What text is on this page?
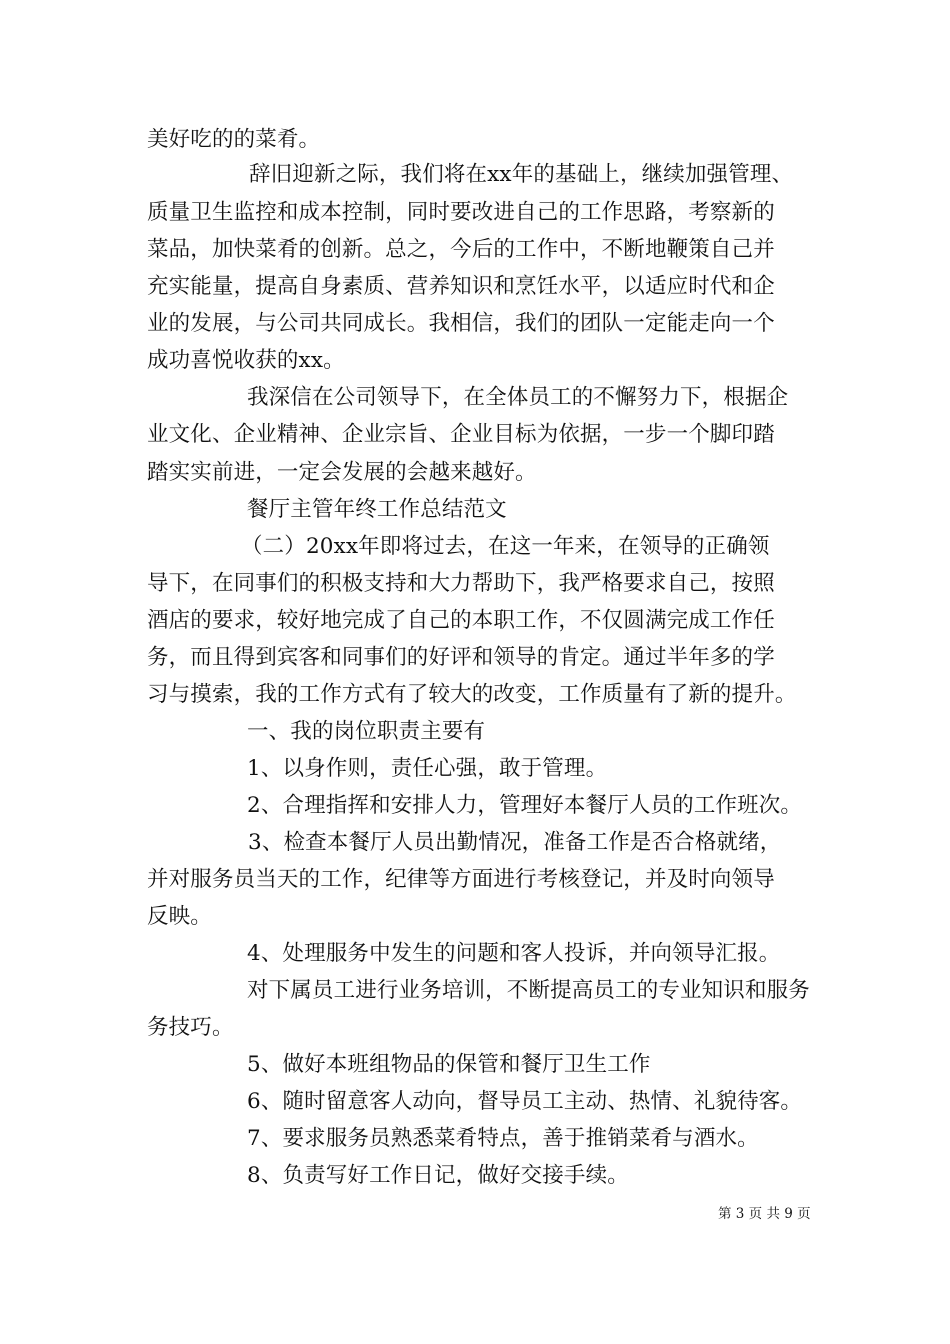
美好吃的的菜肴。
辞旧迎新之际，我们将在xx年的基础上，继续加强管理、
质量卫生监控和成本控制，同时要改进自己的工作思路，考察新的
菜品，加快菜肴的创新。总之，今后的工作中，不断地鞭策自己并
充实能量，提高自身素质、营养知识和烹饪水平，以适应时代和企
业的发展，与公司共同成长。我相信，我们的团队一定能走向一个
成功喜悦收获的xx。
我深信在公司领导下，在全体员工的不懈努力下，根据企
业文化、企业精神、企业宗旨、企业目标为依据，一步一个脚印踏
踏实实前进，一定会发展的会越来越好。
餐厅主管年终工作总结范文
（二）20xx年即将过去，在这一年来，在领导的正确领
导下，在同事们的积极支持和大力帮助下，我严格要求自己，按照
酒店的要求，较好地完成了自己的本职工作，不仅圆满完成工作任
务，而且得到宾客和同事们的好评和领导的肯定。通过半年多的学
习与摸索，我的工作方式有了较大的改变，工作质量有了新的提升。
一、我的岗位职责主要有
1、以身作则，责任心强，敢于管理。
2、合理指挥和安排人力，管理好本餐厅人员的工作班次。
3、检查本餐厅人员出勤情况，准备工作是否合格就绪，
并对服务员当天的工作，纪律等方面进行考核登记，并及时向领导
反映。
4、处理服务中发生的问题和客人投诉，并向领导汇报。
对下属员工进行业务培训，不断提高员工的专业知识和服务
务技巧。
5、做好本班组物品的保管和餐厅卫生工作
6、随时留意客人动向，督导员工主动、热情、礼貌待客。
7、要求服务员熟悉菜肴特点，善于推销菜肴与酒水。
8、负责写好工作日记，做好交接手续。
第 3 页 共 9 页
